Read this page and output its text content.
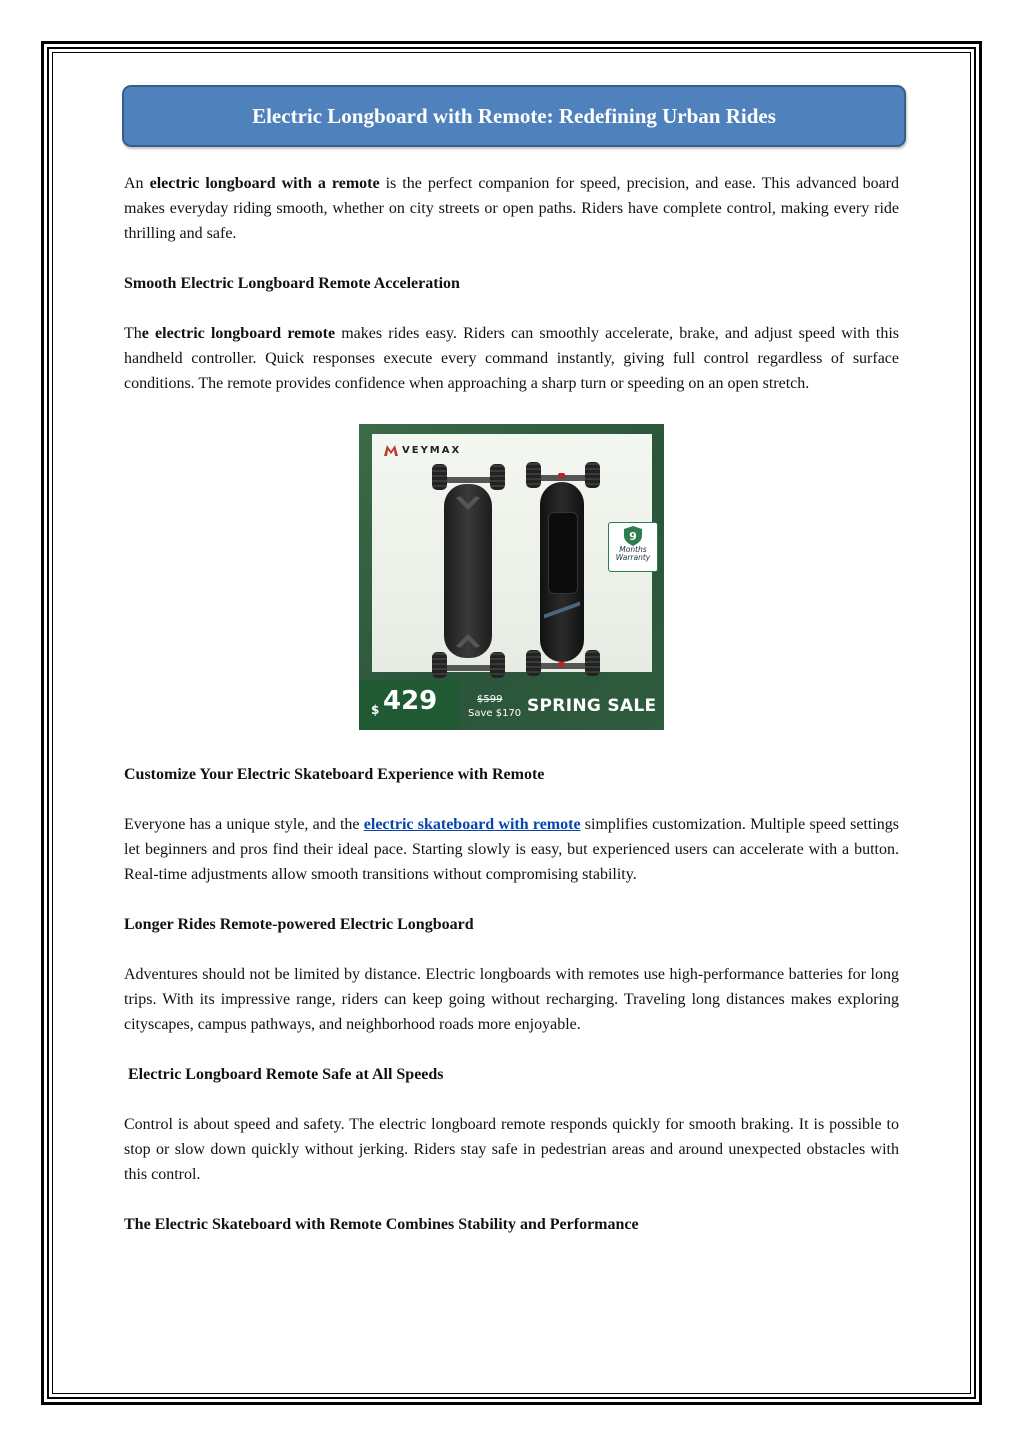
Electric Longboard with Remote: Redefining Urban Rides

An electric longboard with a remote is the perfect companion for speed, precision, and ease. This advanced board makes everyday riding smooth, whether on city streets or open paths. Riders have complete control, making every ride thrilling and safe.

Smooth Electric Longboard Remote Acceleration

The electric longboard remote makes rides easy. Riders can smoothly accelerate, brake, and adjust speed with this handheld controller. Quick responses execute every command instantly, giving full control regardless of surface conditions. The remote provides confidence when approaching a sharp turn or speeding on an open stretch.

VEYMAX
9
Months
Warranty
$ 429	$599
Save $170 SPRING SALE
Customize Your Electric Skateboard Experience with Remote

Everyone has a unique style, and the electric skateboard with remote simplifies customization. Multiple speed settings let beginners and pros find their ideal pace. Starting slowly is easy, but experienced users can accelerate with a button. Real-time adjustments allow smooth transitions without compromising stability.

Longer Rides Remote-powered Electric Longboard

Adventures should not be limited by distance. Electric longboards with remotes use high-performance batteries for long trips. With its impressive range, riders can keep going without recharging. Traveling long distances makes exploring cityscapes, campus pathways, and neighborhood roads more enjoyable.

Electric Longboard Remote Safe at All Speeds

Control is about speed and safety. The electric longboard remote responds quickly for smooth braking. It is possible to stop or slow down quickly without jerking. Riders stay safe in pedestrian areas and around unexpected obstacles with this control.

The Electric Skateboard with Remote Combines Stability and Performance
